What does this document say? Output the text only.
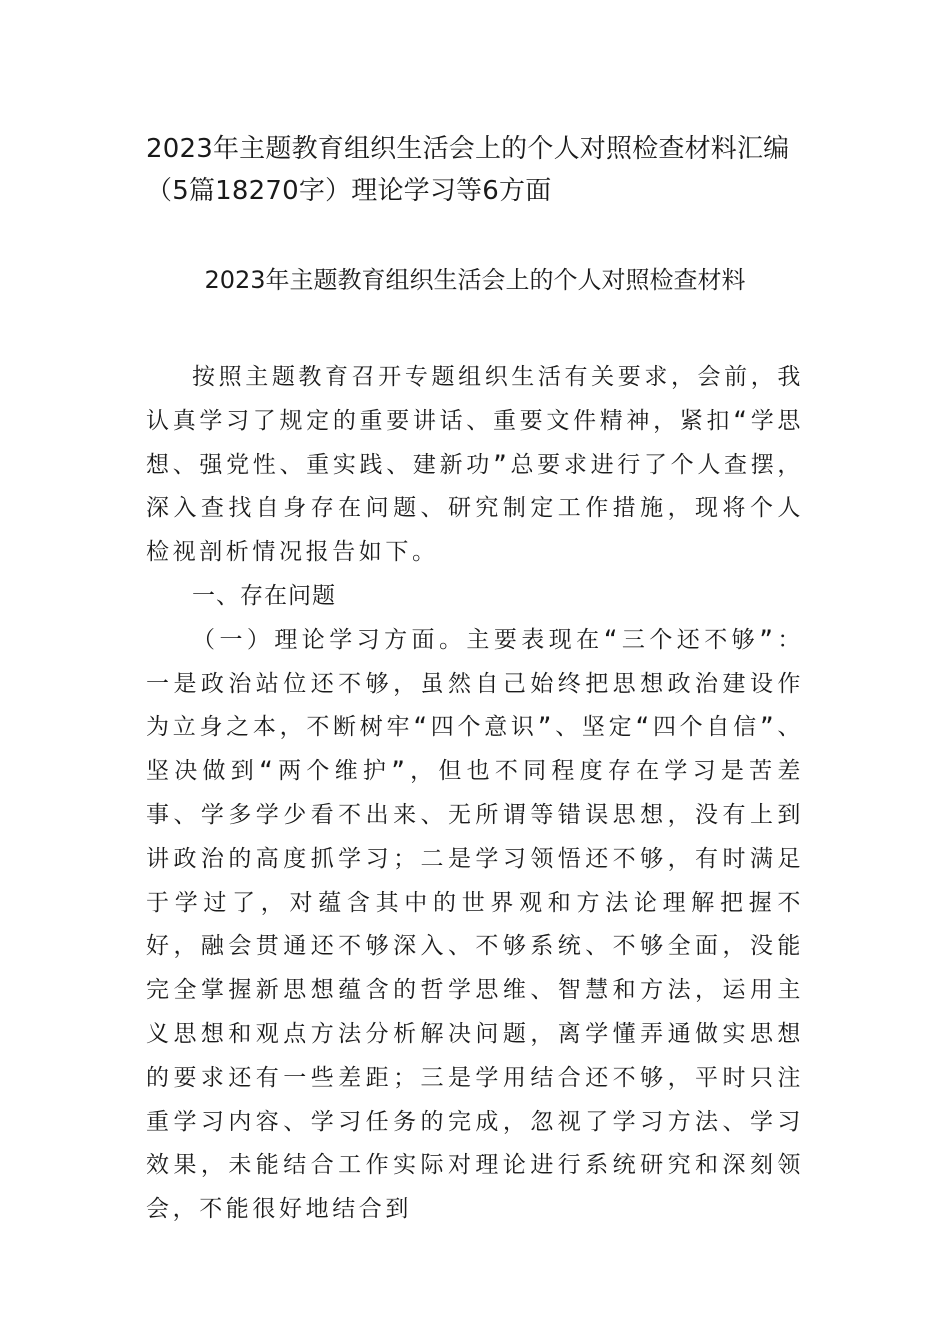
2023年主题教育组织生活会上的个人对照检查材料汇编（5篇18270字）理论学习等6方面
2023年主题教育组织生活会上的个人对照检查材料

按照主题教育召开专题组织生活有关要求，会前，我认真学习了规定的重要讲话、重要文件精神，紧扣“学思想、强党性、重实践、建新功”总要求进行了个人查摆，深入查找自身存在问题、研究制定工作措施，现将个人检视剖析情况报告如下。

一、存在问题

（一）理论学习方面。主要表现在“三个还不够”：一是政治站位还不够，虽然自己始终把思想政治建设作为立身之本，不断树牢“四个意识”、坚定“四个自信”、坚决做到“两个维护”，但也不同程度存在学习是苦差事、学多学少看不出来、无所谓等错误思想，没有上到讲政治的高度抓学习；二是学习领悟还不够，有时满足于学过了，对蕴含其中的世界观和方法论理解把握不好，融会贯通还不够深入、不够系统、不够全面，没能完全掌握新思想蕴含的哲学思维、智慧和方法，运用主义思想和观点方法分析解决问题，离学懂弄通做实思想的要求还有一些差距；三是学用结合还不够，平时只注重学习内容、学习任务的完成，忽视了学习方法、学习效果，未能结合工作实际对理论进行系统研究和深刻领会，不能很好地结合到
